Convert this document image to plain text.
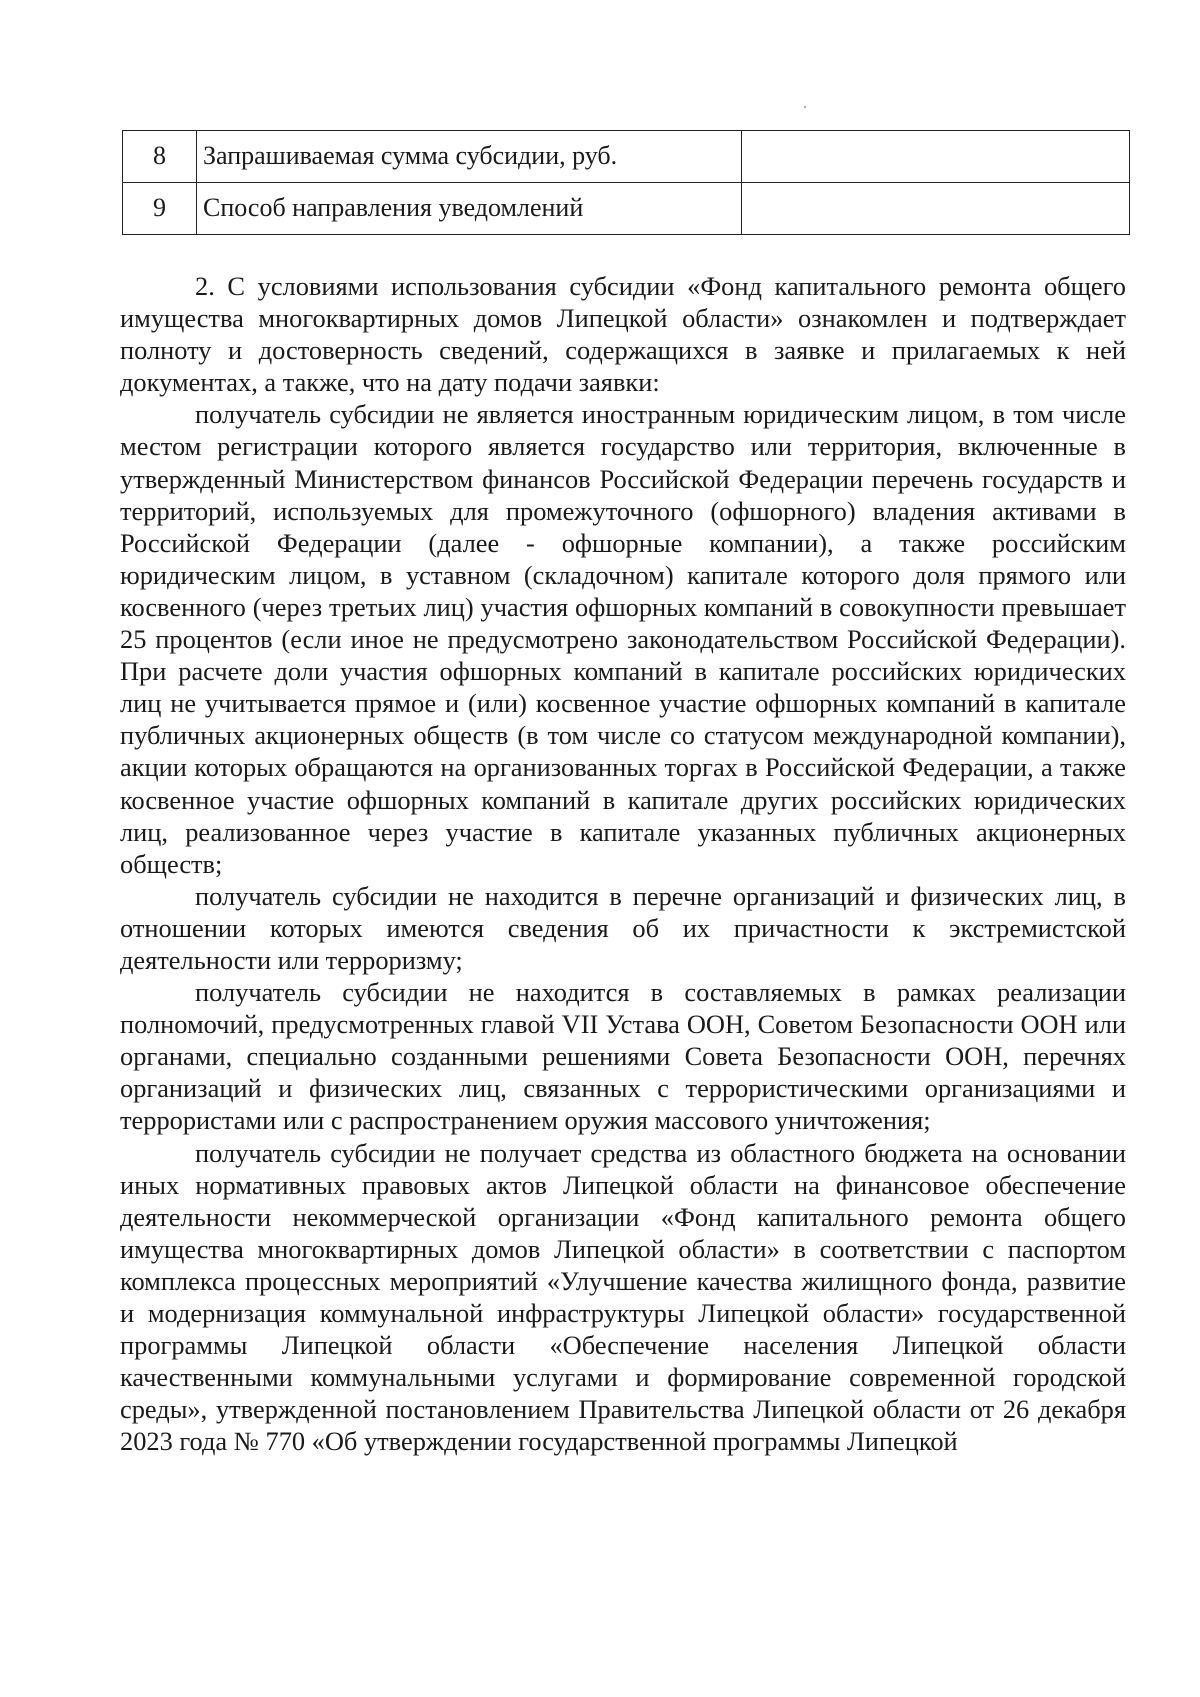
8	Запрашиваемая сумма субсидии, руб.	
9	Способ направления уведомлений	

2. С условиями использования субсидии «Фонд капитального ремонта общего имущества многоквартирных домов Липецкой области» ознакомлен и подтверждает полноту и достоверность сведений, содержащихся в заявке и прилагаемых к ней документах, а также, что на дату подачи заявки:

получатель субсидии не является иностранным юридическим лицом, в том числе местом регистрации которого является государство или территория, включенные в утвержденный Министерством финансов Российской Федерации перечень государств и территорий, используемых для промежуточного (офшорного) владения активами в Российской Федерации (далее - офшорные компании), а также российским юридическим лицом, в уставном (складочном) капитале которого доля прямого или косвенного (через третьих лиц) участия офшорных компаний в совокупности превышает 25 процентов (если иное не предусмотрено законодательством Российской Федерации). При расчете доли участия офшорных компаний в капитале российских юридических лиц не учитывается прямое и (или) косвенное участие офшорных компаний в капитале публичных акционерных обществ (в том числе со статусом международной компании), акции которых обращаются на организованных торгах в Российской Федерации, а также косвенное участие офшорных компаний в капитале других российских юридических лиц, реализованное через участие в капитале указанных публичных акционерных обществ;

получатель субсидии не находится в перечне организаций и физических лиц, в отношении которых имеются сведения об их причастности к экстремистской деятельности или терроризму;

получатель субсидии не находится в составляемых в рамках реализации полномочий, предусмотренных главой VII Устава ООН, Советом Безопасности ООН или органами, специально созданными решениями Совета Безопасности ООН, перечнях организаций и физических лиц, связанных с террористическими организациями и террористами или с распространением оружия массового уничтожения;

получатель субсидии не получает средства из областного бюджета на основании иных нормативных правовых актов Липецкой области на финансовое обеспечение деятельности некоммерческой организации «Фонд капитального ремонта общего имущества многоквартирных домов Липецкой области» в соответствии с паспортом комплекса процессных мероприятий «Улучшение качества жилищного фонда, развитие и модернизация коммунальной инфраструктуры Липецкой области» государственной программы Липецкой области «Обеспечение населения Липецкой области качественными коммунальными услугами и формирование современной городской среды», утвержденной постановлением Правительства Липецкой области от 26 декабря 2023 года № 770 «Об утверждении государственной программы Липецкой
